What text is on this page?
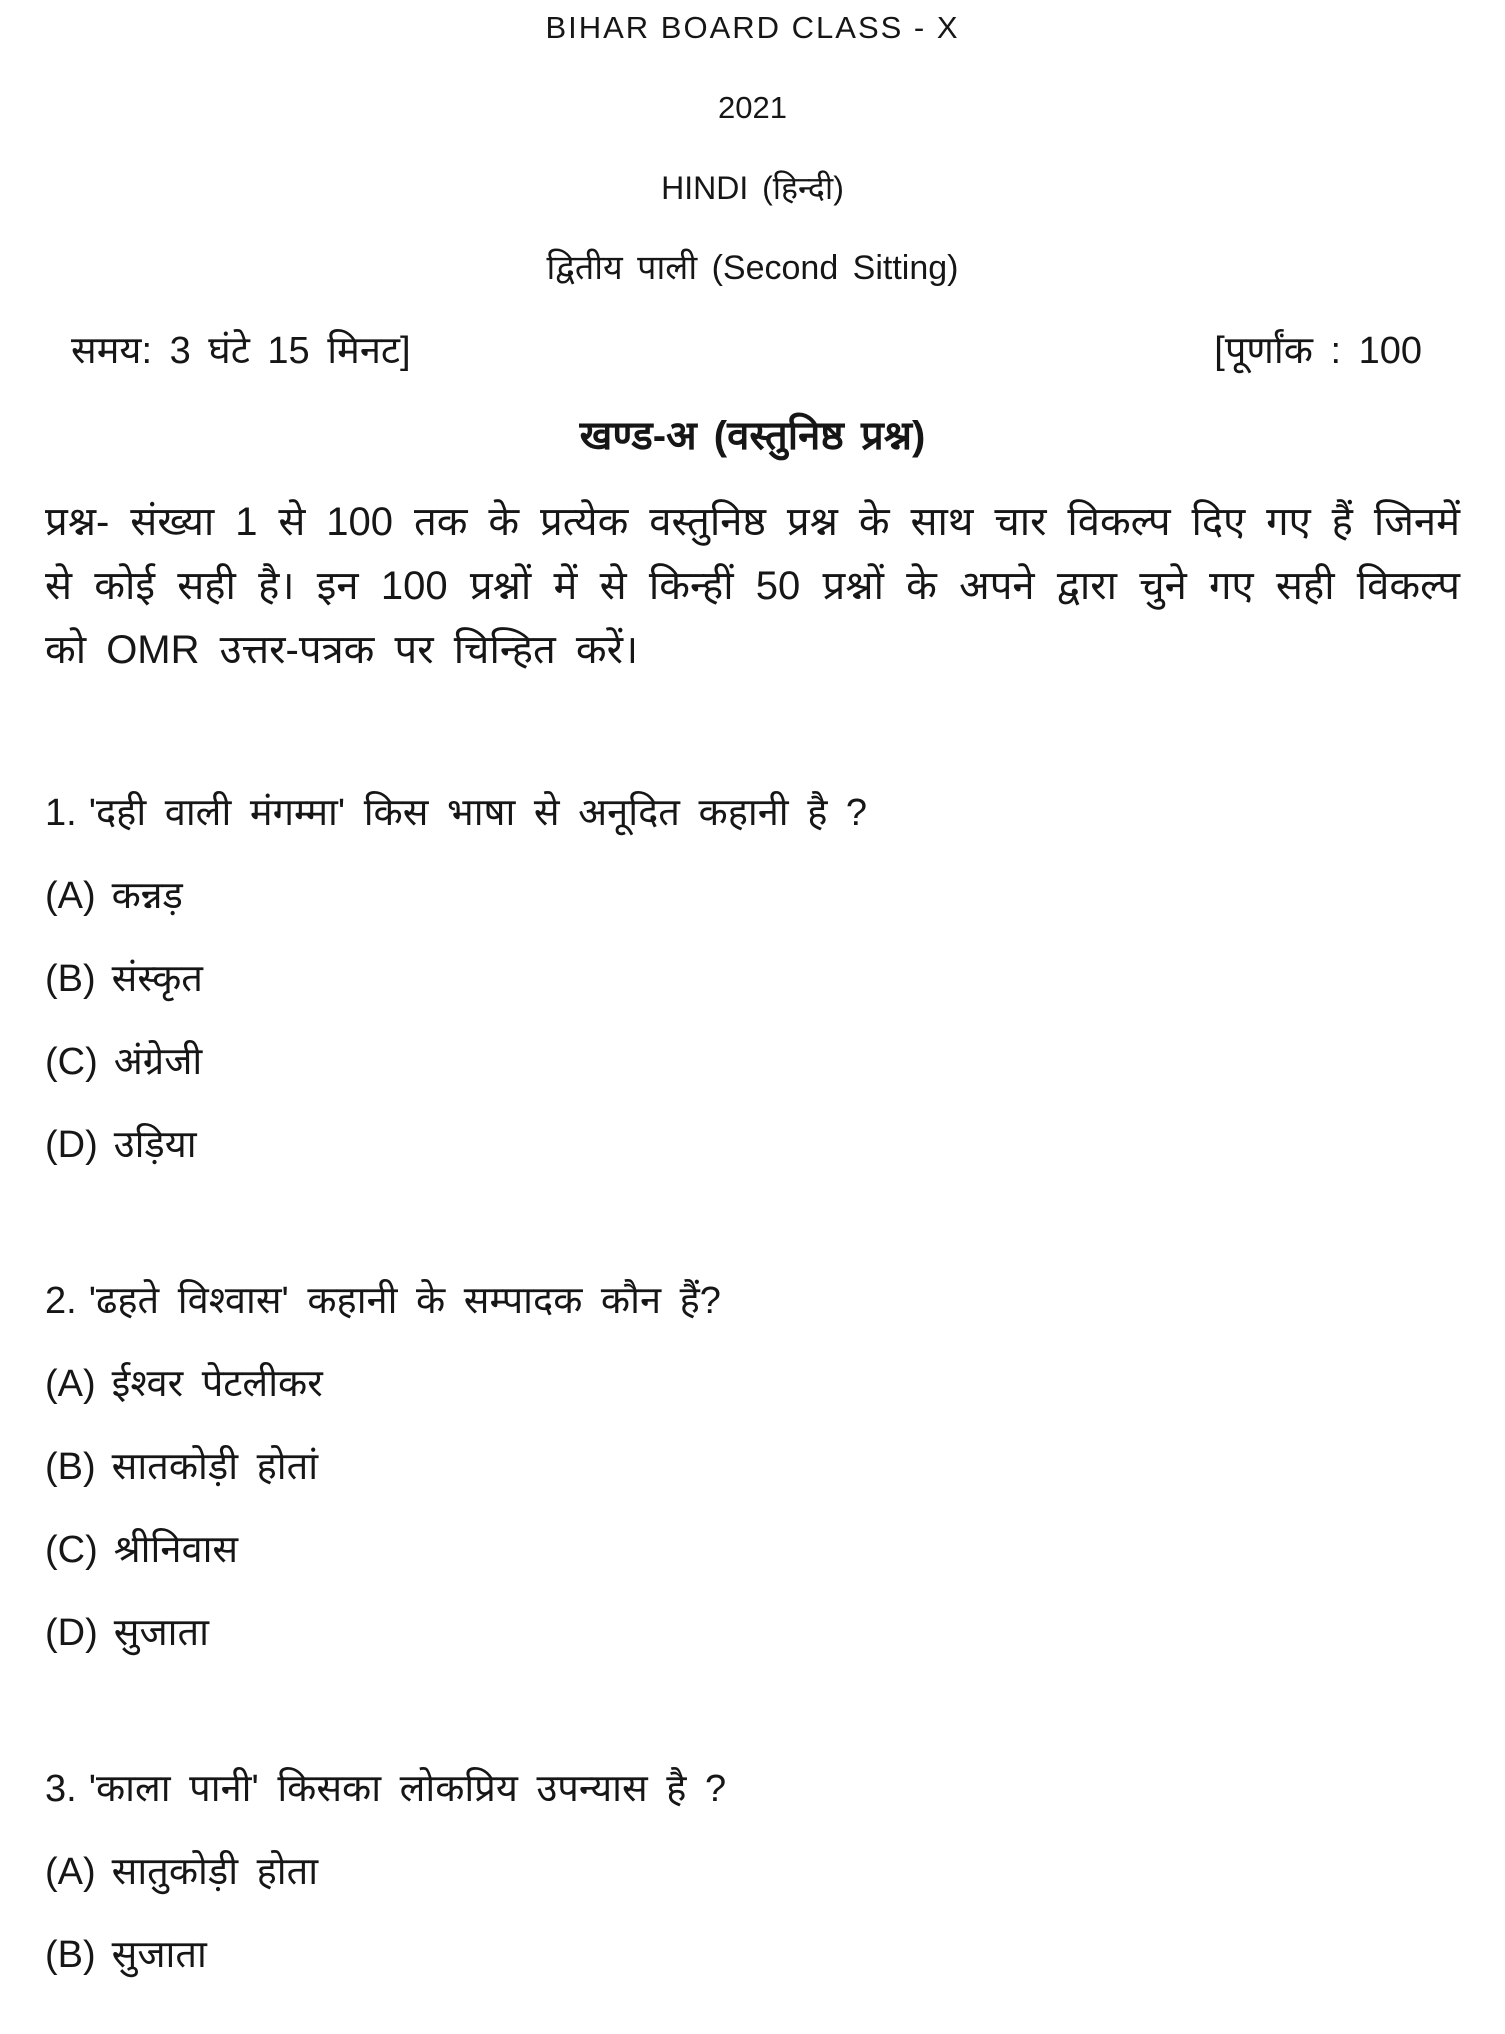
BIHAR BOARD CLASS - X
2021
HINDI (हिन्दी)
द्वितीय पाली (Second Sitting)
समय: 3 घंटे 15 मिनट]	[पूर्णांक : 100
खण्ड-अ (वस्तुनिष्ठ प्रश्न)

प्रश्न- संख्या 1 से 100 तक के प्रत्येक वस्तुनिष्ठ प्रश्न के साथ चार विकल्प दिए गए हैं जिनमें से कोई सही है। इन 100 प्रश्नों में से किन्हीं 50 प्रश्नों के अपने द्वारा चुने गए सही विकल्प को OMR उत्तर-पत्रक पर चिन्हित करें।

1. 'दही वाली मंगम्मा' किस भाषा से अनूदित कहानी है ?
(A) कन्नड़
(B) संस्कृत
(C) अंग्रेजी
(D) उड़िया
2. 'ढहते विश्वास' कहानी के सम्पादक कौन हैं?
(A) ईश्वर पेटलीकर
(B) सातकोड़ी होतां
(C) श्रीनिवास
(D) सुजाता
3. 'काला पानी' किसका लोकप्रिय उपन्यास है ?
(A) सातुकोड़ी होता
(B) सुजाता
